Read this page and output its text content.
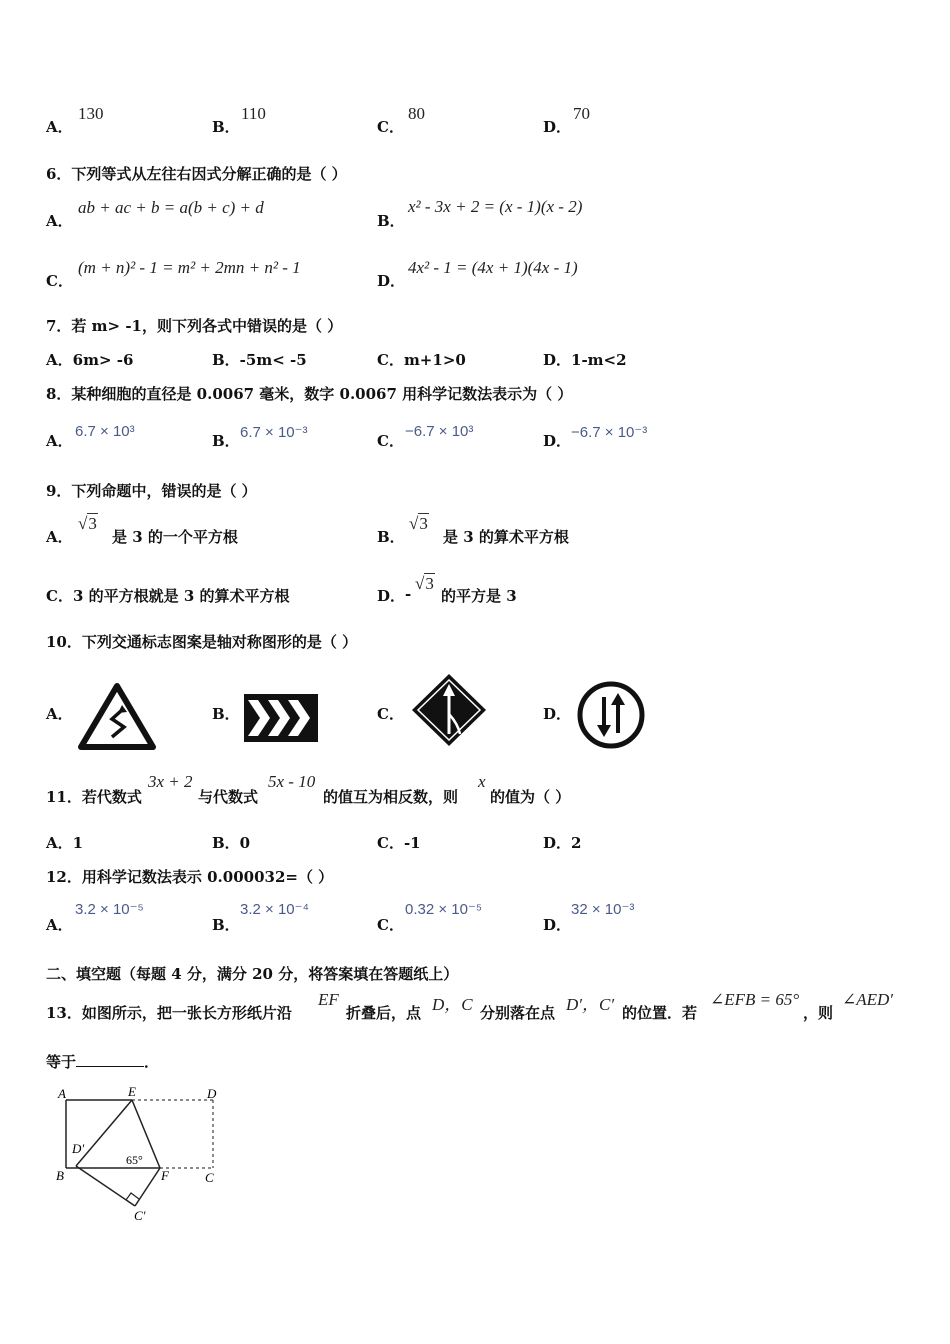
A．
130
B．
110
C．
80
D．
70
6．下列等式从左往右因式分解正确的是（ ）
A．
ab + ac + b = a(b + c) + d
B．
x² - 3x + 2 = (x - 1)(x - 2)
C．
(m + n)² - 1 = m² + 2mn + n² - 1
D．
4x² - 1 = (4x + 1)(4x - 1)
7．若 m> -1，则下列各式中错误的是（ ）
A．6m> -6	B．-5m< -5	C．m+1>0	D．1-m<2
8．某种细胞的直径是 0.0067 毫米，数字 0.0067 用科学记数法表示为（ ）
A．
6.7 × 10³
B． 6.7 × 10⁻³	C．
−6.7 × 10³
D． −6.7 × 10⁻³
9．下列命题中，错误的是（ ）
A．
√3
是 3 的一个平方根	B．
√3
是 3 的算术平方根
C．3 的平方根就是 3 的算术平方根	D． -
√3
的平方是 3
10．下列交通标志图案是轴对称图形的是（ ）
A．	B．	C．	D．
11．若代数式
3x + 2
与代数式
5x - 10
的值互为相反数，则
x
的值为（ ）
A．1	B．0	C．-1	D．2
12．用科学记数法表示 0.000032=（ ）
A．
3.2 × 10⁻⁵
B．
3.2 × 10⁻⁴
C．
0.32 × 10⁻⁵
D．
32 × 10⁻³
二、填空题（每题 4 分，满分 20 分，将答案填在答题纸上）
13．如图所示，把一张长方形纸片沿
EF
折叠后，点 D，C 分别落在点 D′，C′ 的位置．若
∠EFB = 65°
，则
∠AED′
等于	．
A	E	D
D′
B
65°
F	C
C′
